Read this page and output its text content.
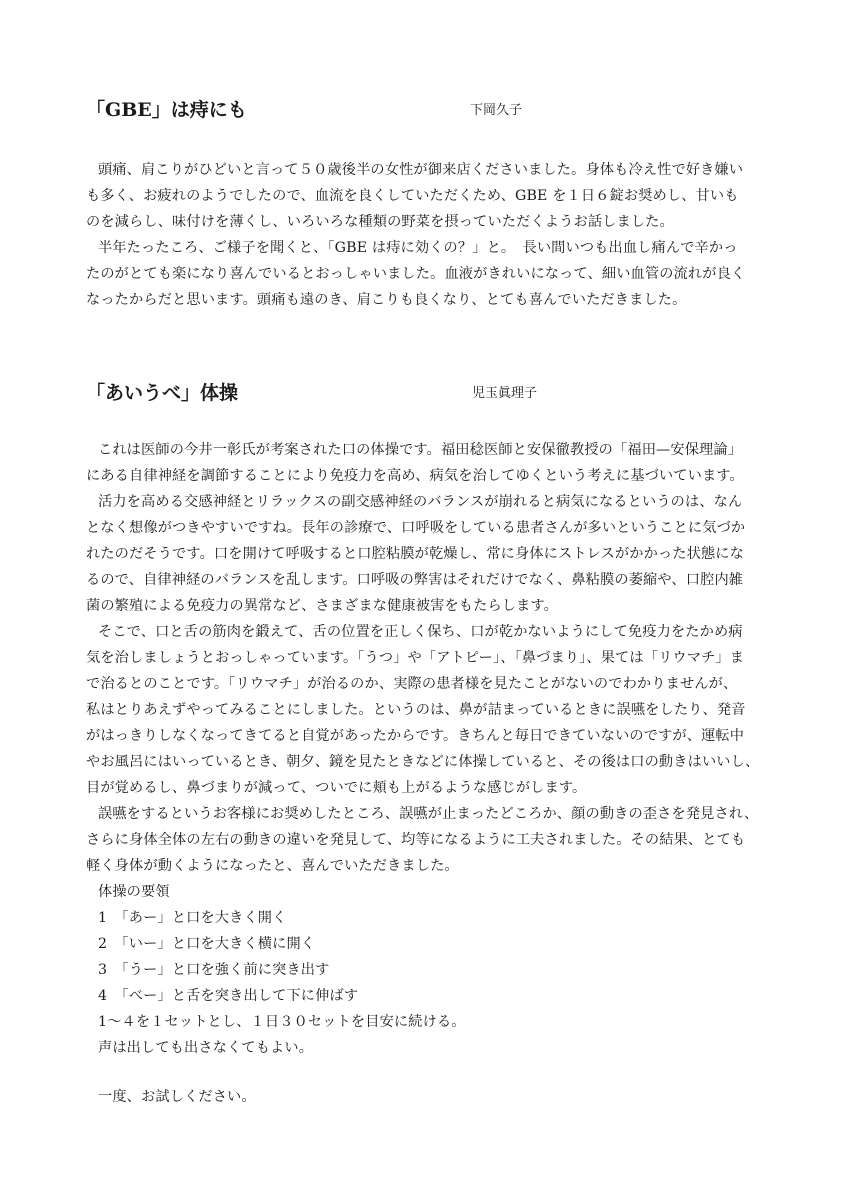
「GBE」は痔にも	下岡久子
頭痛、肩こりがひどいと言って５０歳後半の女性が御来店くださいました。身体も冷え性で好き嫌い
も多く、お疲れのようでしたので、血流を良くしていただくため、GBE を１日６錠お奨めし、甘いも
のを減らし、味付けを薄くし、いろいろな種類の野菜を摂っていただくようお話しました。
半年たったころ、ご様子を聞くと、「GBE は痔に効くの？」と。　長い間いつも出血し痛んで辛かっ
たのがとても楽になり喜んでいるとおっしゃいました。血液がきれいになって、細い血管の流れが良く
なったからだと思います。頭痛も遠のき、肩こりも良くなり、とても喜んでいただきました。
「あいうべ」体操	児玉眞理子
これは医師の今井一彰氏が考案された口の体操です。福田稔医師と安保徹教授の「福田—安保理論」
にある自律神経を調節することにより免疫力を高め、病気を治してゆくという考えに基づいています。
活力を高める交感神経とリラックスの副交感神経のバランスが崩れると病気になるというのは、なん
となく想像がつきやすいですね。長年の診療で、口呼吸をしている患者さんが多いということに気づか
れたのだそうです。口を開けて呼吸すると口腔粘膜が乾燥し、常に身体にストレスがかかった状態にな
るので、自律神経のバランスを乱します。口呼吸の弊害はそれだけでなく、鼻粘膜の萎縮や、口腔内雑
菌の繁殖による免疫力の異常など、さまざまな健康被害をもたらします。
そこで、口と舌の筋肉を鍛えて、舌の位置を正しく保ち、口が乾かないようにして免疫力をたかめ病
気を治しましょうとおっしゃっています。「うつ」や「アトピー」、「鼻づまり」、果ては「リウマチ」ま
で治るとのことです。「リウマチ」が治るのか、実際の患者様を見たことがないのでわかりませんが、
私はとりあえずやってみることにしました。というのは、鼻が詰まっているときに誤嚥をしたり、発音
がはっきりしなくなってきてると自覚があったからです。きちんと毎日できていないのですが、運転中
やお風呂にはいっているとき、朝夕、鏡を見たときなどに体操していると、その後は口の動きはいいし、
目が覚めるし、鼻づまりが減って、ついでに頬も上がるような感じがします。
誤嚥をするというお客様にお奨めしたところ、誤嚥が止まったどころか、顔の動きの歪さを発見され、
さらに身体全体の左右の動きの違いを発見して、均等になるように工夫されました。その結果、とても
軽く身体が動くようになったと、喜んでいただきました。
体操の要領
1　「あー」と口を大きく開く
2　「いー」と口を大きく横に開く
3　「うー」と口を強く前に突き出す
4　「べー」と舌を突き出して下に伸ばす
1〜４を１セットとし、１日３０セットを目安に続ける。
声は出しても出さなくてもよい。
一度、お試しください。
